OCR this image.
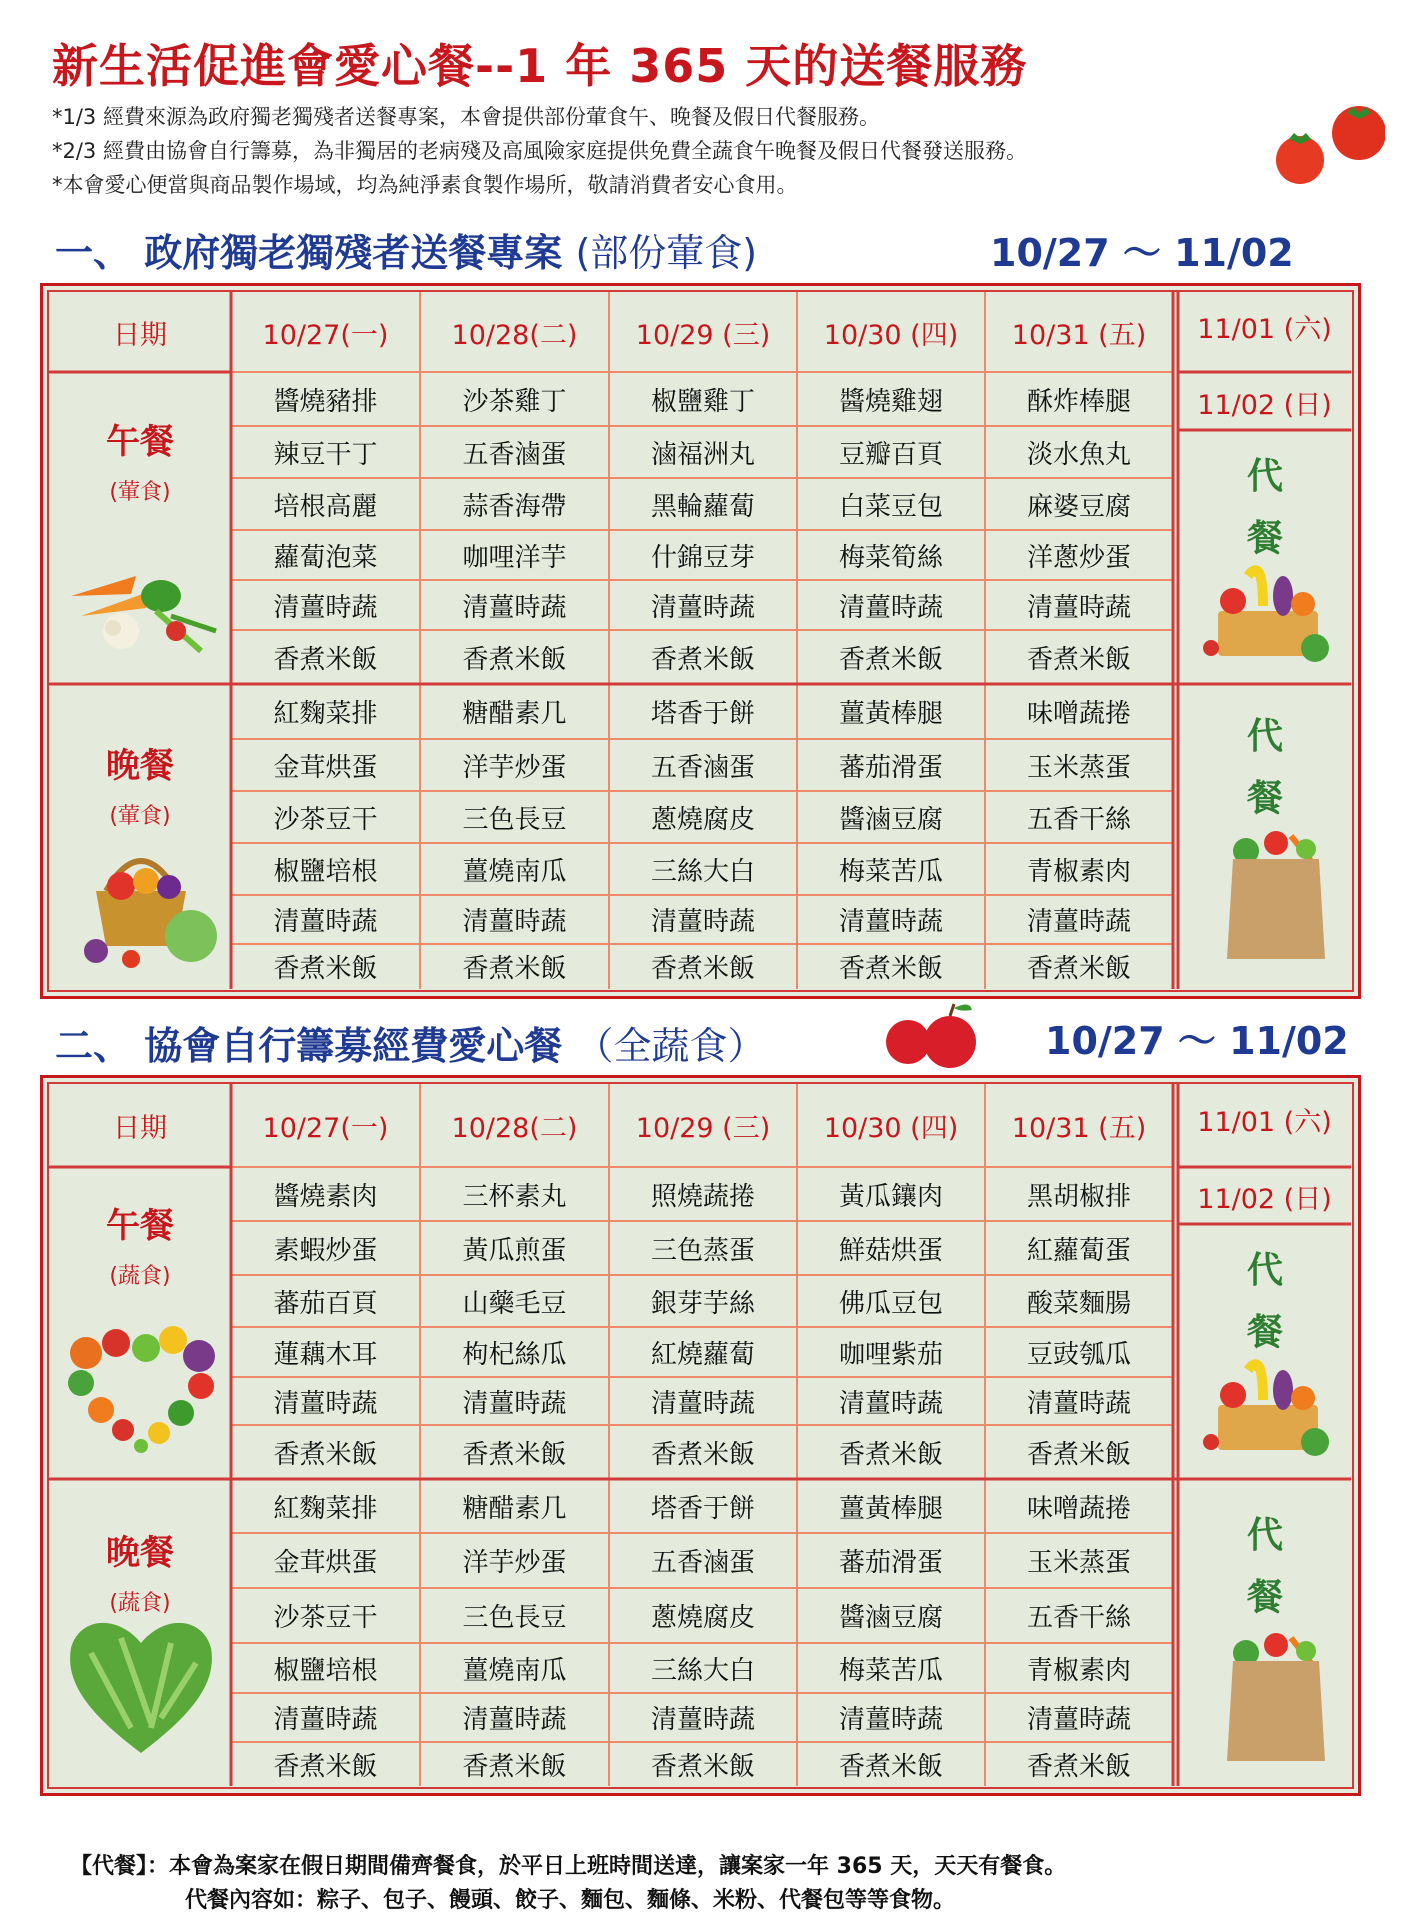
新生活促進會愛心餐--1 年 365 天的送餐服務
*1/3 經費來源為政府獨老獨殘者送餐專案，本會提供部份葷食午、晚餐及假日代餐服務。
*2/3 經費由協會自行籌募，為非獨居的老病殘及高風險家庭提供免費全蔬食午晚餐及假日代餐發送服務。
*本會愛心便當與商品製作場域，均為純淨素食製作場所，敬請消費者安心食用。
一、 政府獨老獨殘者送餐專案 (部份葷食)	10/27 ～ 11/02
日期	10/27(一)	10/28(二)	10/29 (三)	10/30 (四)	10/31 (五)	11/01 (六)
11/02 (日)
午餐
(葷食)
晚餐
(葷食)
代
餐
代
餐
醬燒豬排	沙茶雞丁	椒鹽雞丁	醬燒雞翅	酥炸棒腿
辣豆干丁	五香滷蛋	滷福洲丸	豆瓣百頁	淡水魚丸
培根高麗	蒜香海帶	黑輪蘿蔔	白菜豆包	麻婆豆腐
蘿蔔泡菜	咖哩洋芋	什錦豆芽	梅菜筍絲	洋蔥炒蛋
清薑時蔬	清薑時蔬	清薑時蔬	清薑時蔬	清薑時蔬
香煮米飯	香煮米飯	香煮米飯	香煮米飯	香煮米飯
紅麴菜排	糖醋素几	塔香于餅	薑黃棒腿	味噌蔬捲
金茸烘蛋	洋芋炒蛋	五香滷蛋	蕃茄滑蛋	玉米蒸蛋
沙茶豆干	三色長豆	蔥燒腐皮	醬滷豆腐	五香干絲
椒鹽培根	薑燒南瓜	三絲大白	梅菜苦瓜	青椒素肉
清薑時蔬	清薑時蔬	清薑時蔬	清薑時蔬	清薑時蔬
香煮米飯	香煮米飯	香煮米飯	香煮米飯	香煮米飯
二、 協會自行籌募經費愛心餐 （全蔬食）	10/27 ～ 11/02
日期	10/27(一)	10/28(二)	10/29 (三)	10/30 (四)	10/31 (五)	11/01 (六)
11/02 (日)
午餐
(蔬食)
晚餐
(蔬食)
代
餐
代
餐
醬燒素肉	三杯素丸	照燒蔬捲	黃瓜鑲肉	黑胡椒排
素蝦炒蛋	黃瓜煎蛋	三色蒸蛋	鮮菇烘蛋	紅蘿蔔蛋
蕃茄百頁	山藥毛豆	銀芽芋絲	佛瓜豆包	酸菜麵腸
蓮藕木耳	枸杞絲瓜	紅燒蘿蔔	咖哩紫茄	豆豉瓠瓜
清薑時蔬	清薑時蔬	清薑時蔬	清薑時蔬	清薑時蔬
香煮米飯	香煮米飯	香煮米飯	香煮米飯	香煮米飯
紅麴菜排	糖醋素几	塔香于餅	薑黃棒腿	味噌蔬捲
金茸烘蛋	洋芋炒蛋	五香滷蛋	蕃茄滑蛋	玉米蒸蛋
沙茶豆干	三色長豆	蔥燒腐皮	醬滷豆腐	五香干絲
椒鹽培根	薑燒南瓜	三絲大白	梅菜苦瓜	青椒素肉
清薑時蔬	清薑時蔬	清薑時蔬	清薑時蔬	清薑時蔬
香煮米飯	香煮米飯	香煮米飯	香煮米飯	香煮米飯
【代餐】：本會為案家在假日期間備齊餐食，於平日上班時間送達，讓案家一年 365 天，天天有餐食。
代餐內容如：粽子、包子、饅頭、餃子、麵包、麵條、米粉、代餐包等等食物。
